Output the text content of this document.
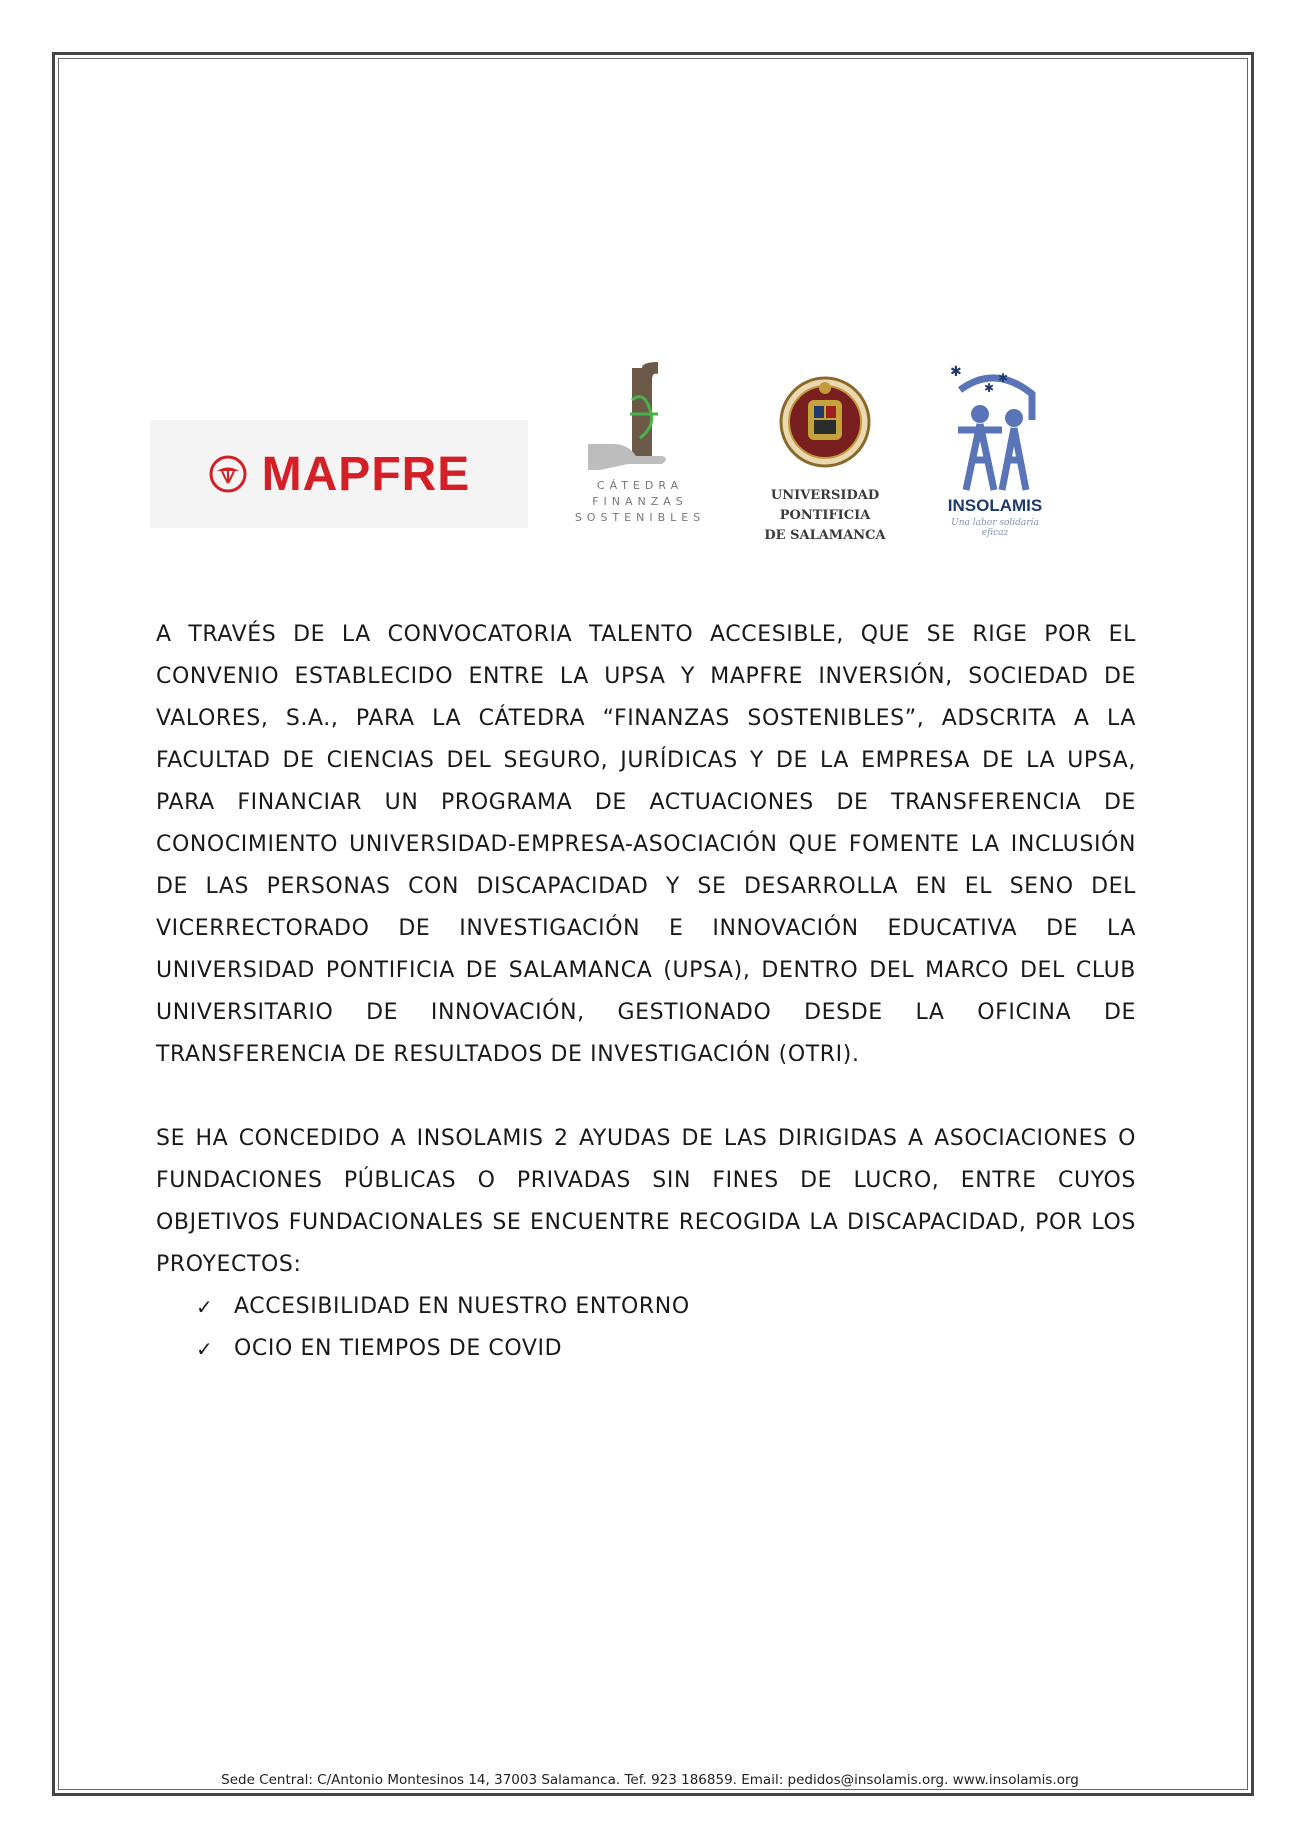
MAPFRE	CÁTEDRA
FINANZAS
SOSTENIBLES
UNIVERSIDAD PONTIFICIA
DE SALAMANCA
✱
✱
✱
INSOLAMIS
Una labor solidaria eficaz

A TRAVÉS DE LA CONVOCATORIA TALENTO ACCESIBLE, QUE SE RIGE POR EL CONVENIO ESTABLECIDO ENTRE LA UPSA Y MAPFRE INVERSIÓN, SOCIEDAD DE VALORES, S.A., PARA LA CÁTEDRA “FINANZAS SOSTENIBLES”, ADSCRITA A LA FACULTAD DE CIENCIAS DEL SEGURO, JURÍDICAS Y DE LA EMPRESA DE LA UPSA, PARA FINANCIAR UN PROGRAMA DE ACTUACIONES DE TRANSFERENCIA DE CONOCIMIENTO UNIVERSIDAD-EMPRESA-ASOCIACIÓN QUE FOMENTE LA INCLUSIÓN DE LAS PERSONAS CON DISCAPACIDAD Y SE DESARROLLA EN EL SENO DEL VICERRECTORADO DE INVESTIGACIÓN E INNOVACIÓN EDUCATIVA DE LA UNIVERSIDAD PONTIFICIA DE SALAMANCA (UPSA), DENTRO DEL MARCO DEL CLUB UNIVERSITARIO DE INNOVACIÓN, GESTIONADO DESDE LA OFICINA DE TRANSFERENCIA DE RESULTADOS DE INVESTIGACIÓN (OTRI).

SE HA CONCEDIDO A INSOLAMIS 2 AYUDAS DE LAS DIRIGIDAS A ASOCIACIONES O FUNDACIONES PÚBLICAS O PRIVADAS SIN FINES DE LUCRO, ENTRE CUYOS OBJETIVOS FUNDACIONALES SE ENCUENTRE RECOGIDA LA DISCAPACIDAD, POR LOS PROYECTOS:

✓ ACCESIBILIDAD EN NUESTRO ENTORNO
✓ OCIO EN TIEMPOS DE COVID
Sede Central: C/Antonio Montesinos 14, 37003 Salamanca. Tef. 923 186859. Email: pedidos@insolamis.org. www.insolamis.org
